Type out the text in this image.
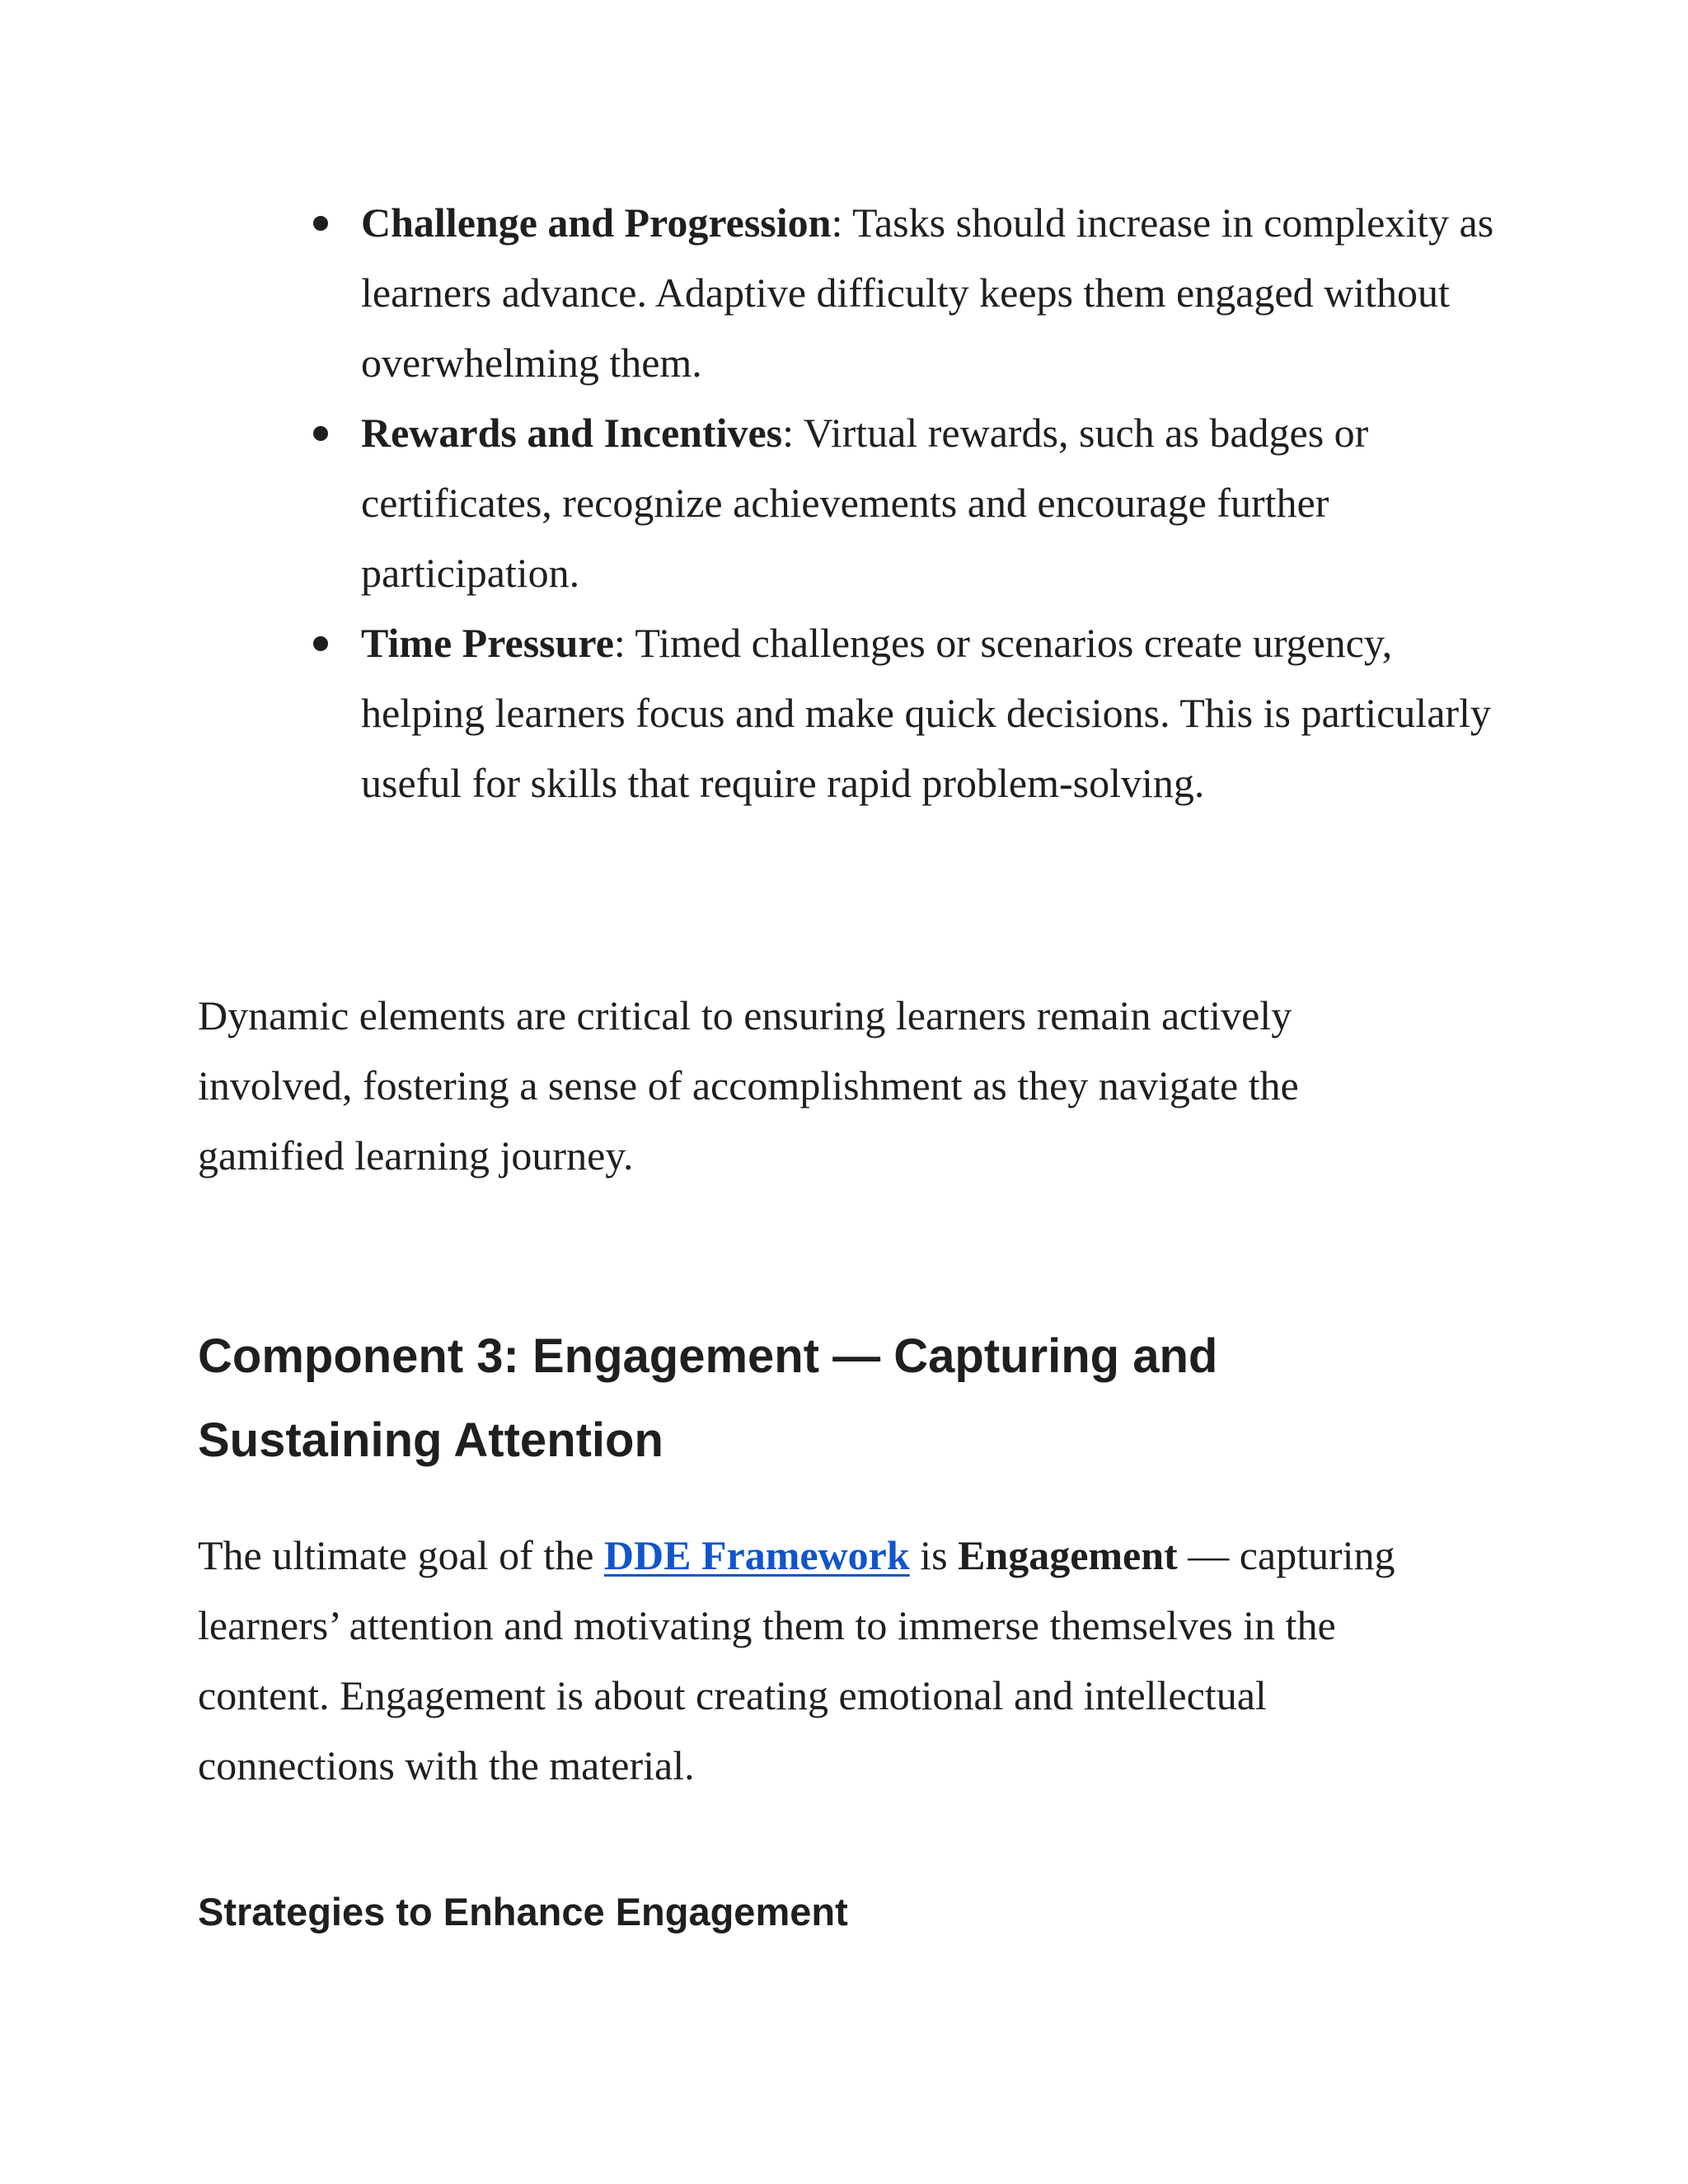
Challenge and Progression: Tasks should increase in complexity as learners advance. Adaptive difficulty keeps them engaged without overwhelming them.
Rewards and Incentives: Virtual rewards, such as badges or certificates, recognize achievements and encourage further participation.
Time Pressure: Timed challenges or scenarios create urgency, helping learners focus and make quick decisions. This is particularly useful for skills that require rapid problem-solving.

Dynamic elements are critical to ensuring learners remain actively involved, fostering a sense of accomplishment as they navigate the gamified learning journey.

Component 3: Engagement — Capturing and Sustaining Attention

The ultimate goal of the DDE Framework is Engagement — capturing learners’ attention and motivating them to immerse themselves in the content. Engagement is about creating emotional and intellectual connections with the material.

Strategies to Enhance Engagement
